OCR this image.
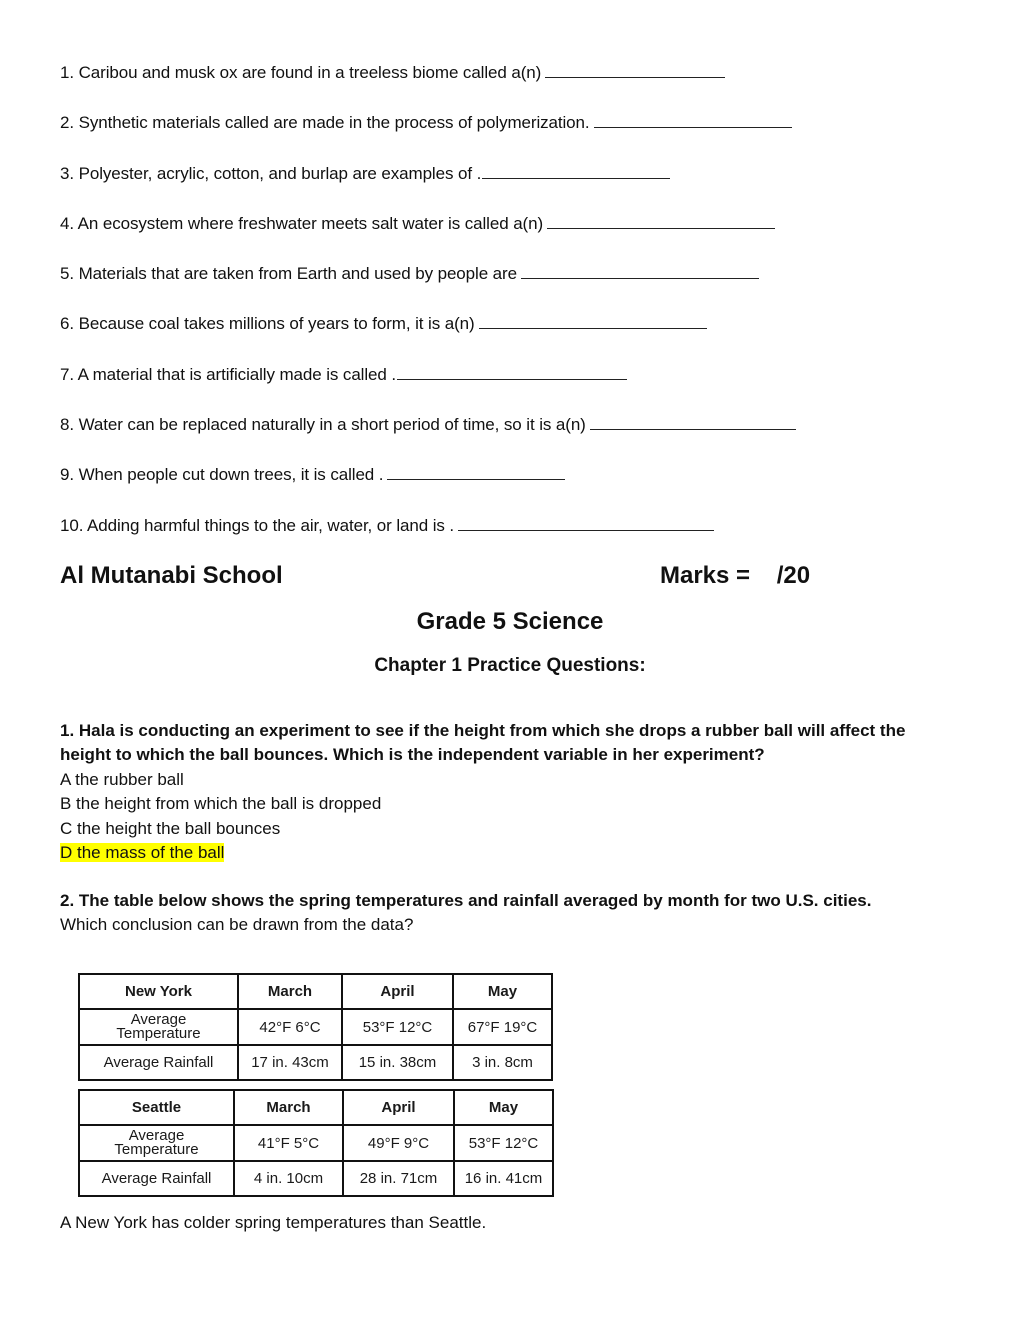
1. Caribou and musk ox are found in a treeless biome called a(n)
2. Synthetic materials called are made in the process of polymerization.
3. Polyester, acrylic, cotton, and burlap are examples of .
4. An ecosystem where freshwater meets salt water is called a(n)
5. Materials that are taken from Earth and used by people are
6. Because coal takes millions of years to form, it is a(n)
7. A material that is artificially made is called .
8. Water can be replaced naturally in a short period of time, so it is a(n)
9. When people cut down trees, it is called .
10. Adding harmful things to the air, water, or land is .
Al Mutanabi School	Marks =    /20
Grade 5 Science
Chapter 1 Practice Questions:
1. Hala is conducting an experiment to see if the height from which she drops a rubber ball will affect the height to which the ball bounces. Which is the independent variable in her experiment?
A the rubber ball
B the height from which the ball is dropped
C the height the ball bounces
D the mass of the ball
2. The table below shows the spring temperatures and rainfall averaged by month for two U.S. cities.
Which conclusion can be drawn from the data?
New York	March	April	May
Average
Temperature	42°F 6°C	53°F 12°C	67°F 19°C
Average Rainfall	17 in. 43cm	15 in. 38cm	3 in. 8cm
Seattle	March	April	May
Average
Temperature	41°F 5°C	49°F 9°C	53°F 12°C
Average Rainfall	4 in. 10cm	28 in. 71cm	16 in. 41cm
A New York has colder spring temperatures than Seattle.
